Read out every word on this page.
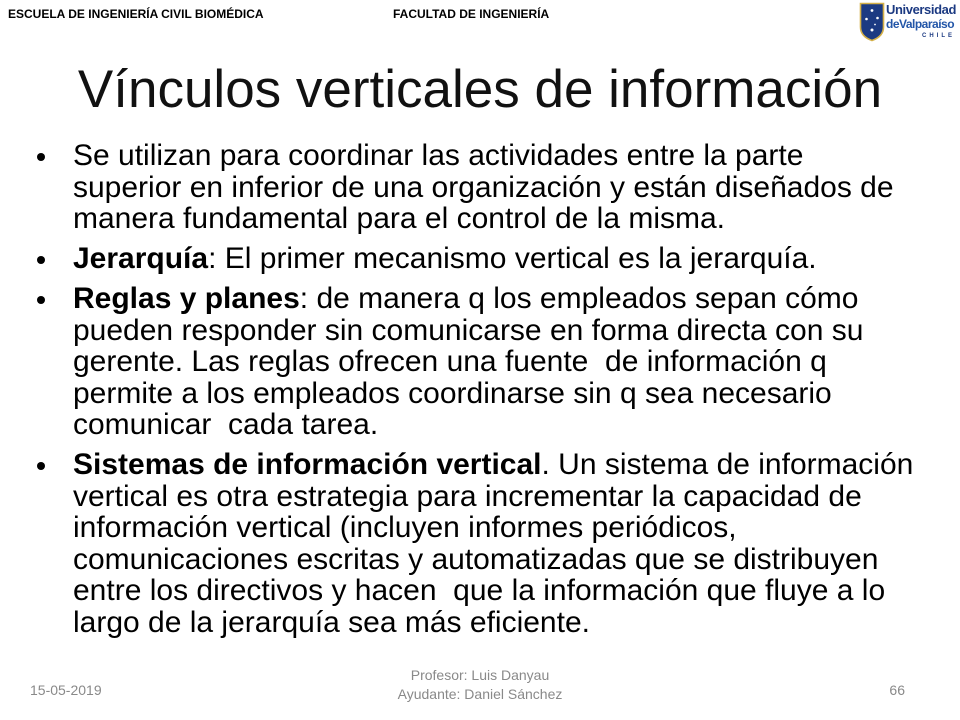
ESCUELA DE INGENIERÍA CIVIL BIOMÉDICA	FACULTAD DE INGENIERÍA	Universidad
deValparaíso
CHILE
Vínculos verticales de información
Se utilizan para coordinar las actividades entre la parte
superior en inferior de una organización y están diseñados de
manera fundamental para el control de la misma.
Jerarquía: El primer mecanismo vertical es la jerarquía.
Reglas y planes: de manera q los empleados sepan cómo
pueden responder sin comunicarse en forma directa con su
gerente. Las reglas ofrecen una fuente  de información q
permite a los empleados coordinarse sin q sea necesario
comunicar  cada tarea.
Sistemas de información vertical. Un sistema de información
vertical es otra estrategia para incrementar la capacidad de
información vertical (incluyen informes periódicos,
comunicaciones escritas y automatizadas que se distribuyen
entre los directivos y hacen  que la información que fluye a lo
largo de la jerarquía sea más eficiente.
15-05-2019
Profesor: Luis Danyau
Ayudante: Daniel Sánchez	66
